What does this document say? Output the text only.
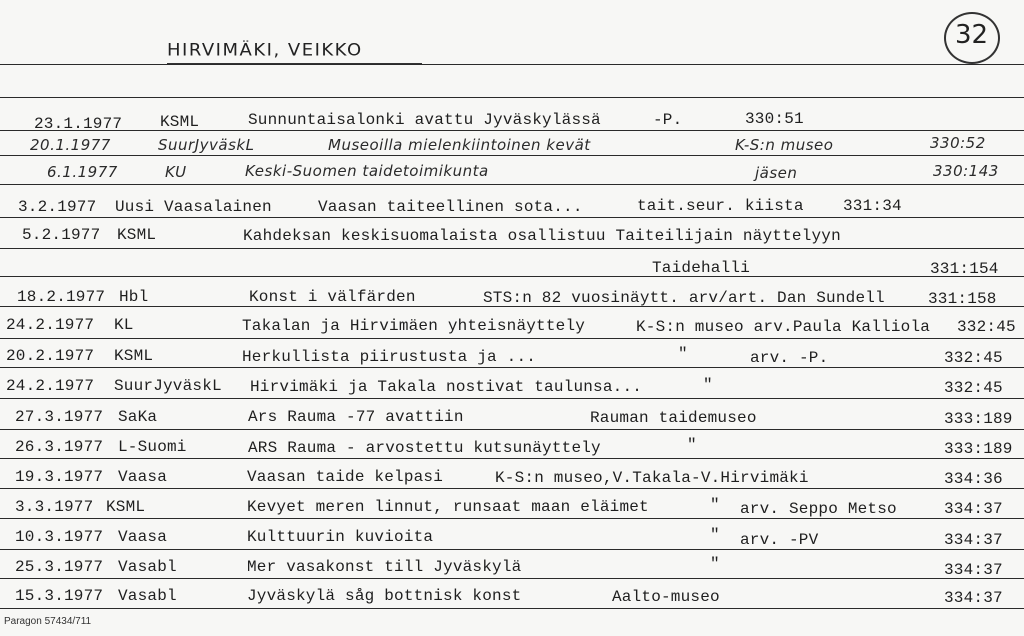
HIRVIMÄKI, VEIKKO
32
23.1.1977 KSML	Sunnuntaisalonki avattu Jyväskylässä	-P.	330:51
20.1.1977	SuurJyväskL	Museoilla mielenkiintoinen kevät	K-S:n museo	330:52
6.1.1977	KU	Keski-Suomen taidetoimikunta	jäsen	330:143
3.2.1977 Uusi Vaasalainen	Vaasan taiteellinen sota...	tait.seur. kiista 331:34
5.2.1977 KSML	Kahdeksan keskisuomalaista osallistuu Taiteilijain näyttelyyn
Taidehalli	331:154
18.2.1977 Hbl	Konst i välfärden	STS:n 82 vuosinäytt. arv/art. Dan Sundell	331:158
24.2.1977 KL	Takalan ja Hirvimäen yhteisnäyttely	K-S:n museo arv.Paula Kalliola 332:45
20.2.1977 KSML	Herkullista piirustusta ja ...	"	arv. -P.	332:45
24.2.1977 SuurJyväskL Hirvimäki ja Takala nostivat taulunsa...	"	332:45
27.3.1977 SaKa	Ars Rauma -77 avattiin	Rauman taidemuseo	333:189
26.3.1977 L-Suomi	ARS Rauma - arvostettu kutsunäyttely	"	333:189
19.3.1977 Vaasa	Vaasan taide kelpasi	K-S:n museo,V.Takala-V.Hirvimäki	334:36
3.3.1977 KSML	Kevyet meren linnut, runsaat maan eläimet	" arv. Seppo Metso	334:37
10.3.1977 Vaasa	Kulttuurin kuvioita	" arv. -PV	334:37
25.3.1977 Vasabl	Mer vasakonst till Jyväskylä	"	334:37
15.3.1977 Vasabl	Jyväskylä såg bottnisk konst	Aalto-museo	334:37
Paragon 57434/711
